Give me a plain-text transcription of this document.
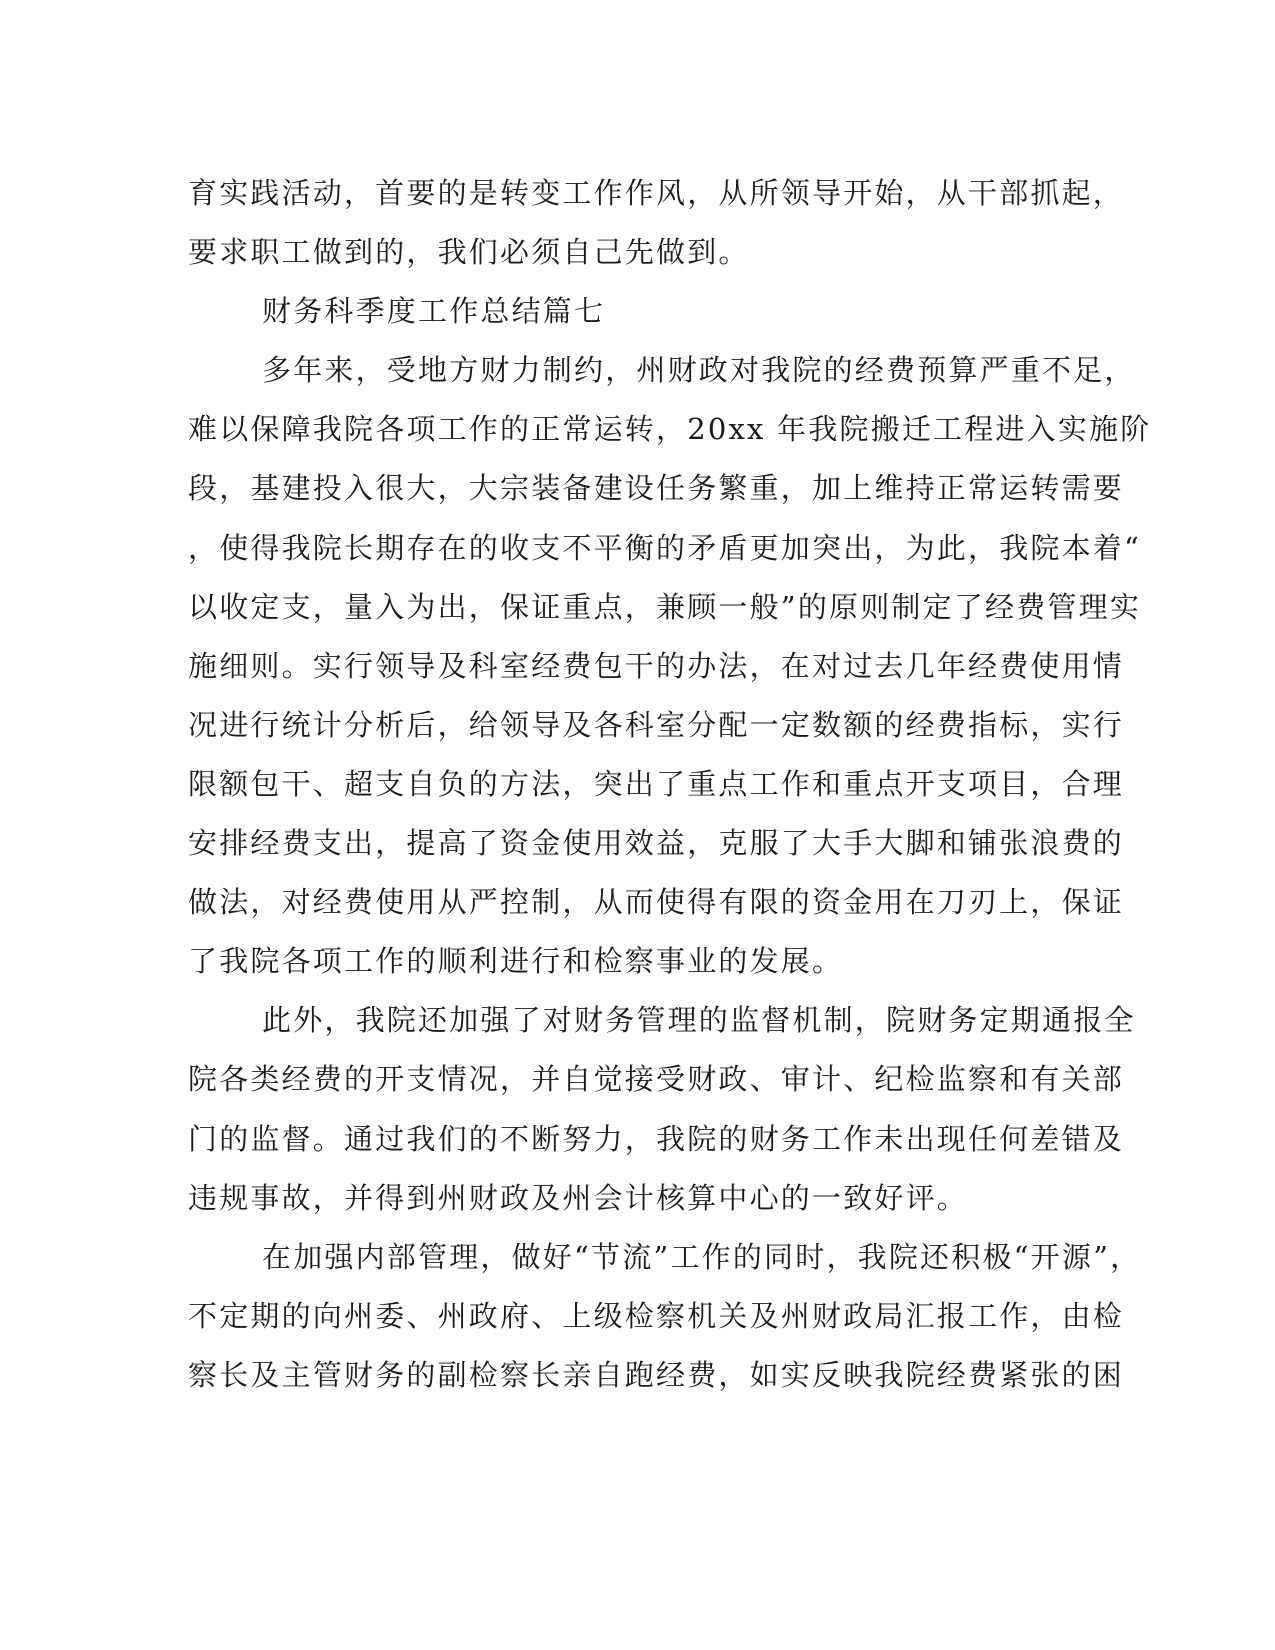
育实践活动，首要的是转变工作作风，从所领导开始，从干部抓起，
要求职工做到的，我们必须自己先做到。
财务科季度工作总结篇七
多年来，受地方财力制约，州财政对我院的经费预算严重不足，
难以保障我院各项工作的正常运转，20xx 年我院搬迁工程进入实施阶
段，基建投入很大，大宗装备建设任务繁重，加上维持正常运转需要
，使得我院长期存在的收支不平衡的矛盾更加突出，为此，我院本着“
以收定支，量入为出，保证重点，兼顾一般”的原则制定了经费管理实
施细则。实行领导及科室经费包干的办法，在对过去几年经费使用情
况进行统计分析后，给领导及各科室分配一定数额的经费指标，实行
限额包干、超支自负的方法，突出了重点工作和重点开支项目，合理
安排经费支出，提高了资金使用效益，克服了大手大脚和铺张浪费的
做法，对经费使用从严控制，从而使得有限的资金用在刀刃上，保证
了我院各项工作的顺利进行和检察事业的发展。
此外，我院还加强了对财务管理的监督机制，院财务定期通报全
院各类经费的开支情况，并自觉接受财政、审计、纪检监察和有关部
门的监督。通过我们的不断努力，我院的财务工作未出现任何差错及
违规事故，并得到州财政及州会计核算中心的一致好评。
在加强内部管理，做好“节流”工作的同时，我院还积极“开源”，
不定期的向州委、州政府、上级检察机关及州财政局汇报工作，由检
察长及主管财务的副检察长亲自跑经费，如实反映我院经费紧张的困
